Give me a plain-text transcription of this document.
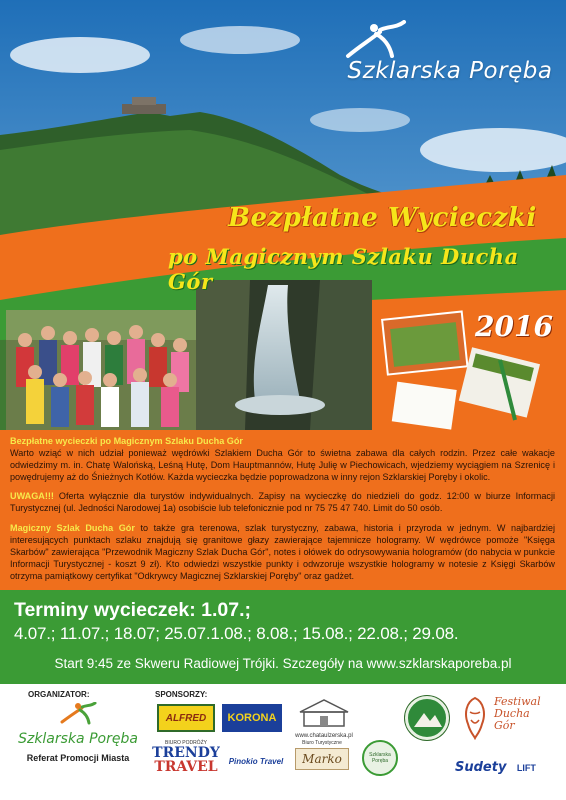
Szklarska Poręba
Bezpłatne Wycieczki
po Magicznym Szlaku Ducha Gór
2016

Bezpłatne wycieczki po Magicznym Szlaku Ducha Gór
Warto wziąć w nich udział ponieważ wędrówki Szlakiem Ducha Gór to świetna zabawa dla całych rodzin. Przez całe wakacje odwiedzimy m. in. Chatę Walońską, Leśną Hutę, Dom Hauptmannów, Hutę Julię w Piechowicach, wjedziemy wyciągiem na Szrenicę i powędrujemy aż do Śnieżnych Kotłów. Każda wycieczka będzie poprowadzona w inny rejon Szklarskiej Poręby i okolic.

UWAGA!!! Oferta wyłącznie dla turystów indywidualnych. Zapisy na wycieczkę do niedzieli do godz. 12:00 w biurze Informacji Turystycznej (ul. Jedności Narodowej 1a) osobiście lub telefonicznie pod nr 75 75 47 740. Limit do 50 osób.

Magiczny Szlak Ducha Gór to także gra terenowa, szlak turystyczny, zabawa, historia i przyroda w jednym. W najbardziej interesujących punktach szlaku znajdują się granitowe głazy zawierające tajemnicze hologramy. W wędrówce pomoże "Księga Skarbów" zawierająca "Przewodnik Magiczny Szlak Ducha Gór", notes i ołówek do odrysowywania hologramów (do nabycia w punkcie Informacji Turystycznej - koszt 9 zł). Kto odwiedzi wszystkie punkty i odwzoruje wszystkie hologramy w notesie z Księgi Skarbów otrzyma pamiątkowy certyfikat "Odkrywcy Magicznej Szklarskiej Poręby" oraz gadżet.

Terminy wycieczek: 1.07.;
4.07.; 11.07.; 18.07; 25.07.1.08.; 8.08.; 15.08.; 22.08.; 29.08.
Start 9:45 ze Skweru Radiowej Trójki. Szczegóły na www.szklarskaporeba.pl
ORGANIZATOR:	SPONSORZY:
Szklarska Poręba
Referat Promocji Miasta
ALFRED	KORONA
www.chataulzerska.pl
BIURO PODRÓŻY
TRENDY
TRAVEL	Pinokio Travel
Biuro Turystyczne
Marko	Szklarska Poręba
Festiwal
Ducha
Gór
Sudety LIFT
